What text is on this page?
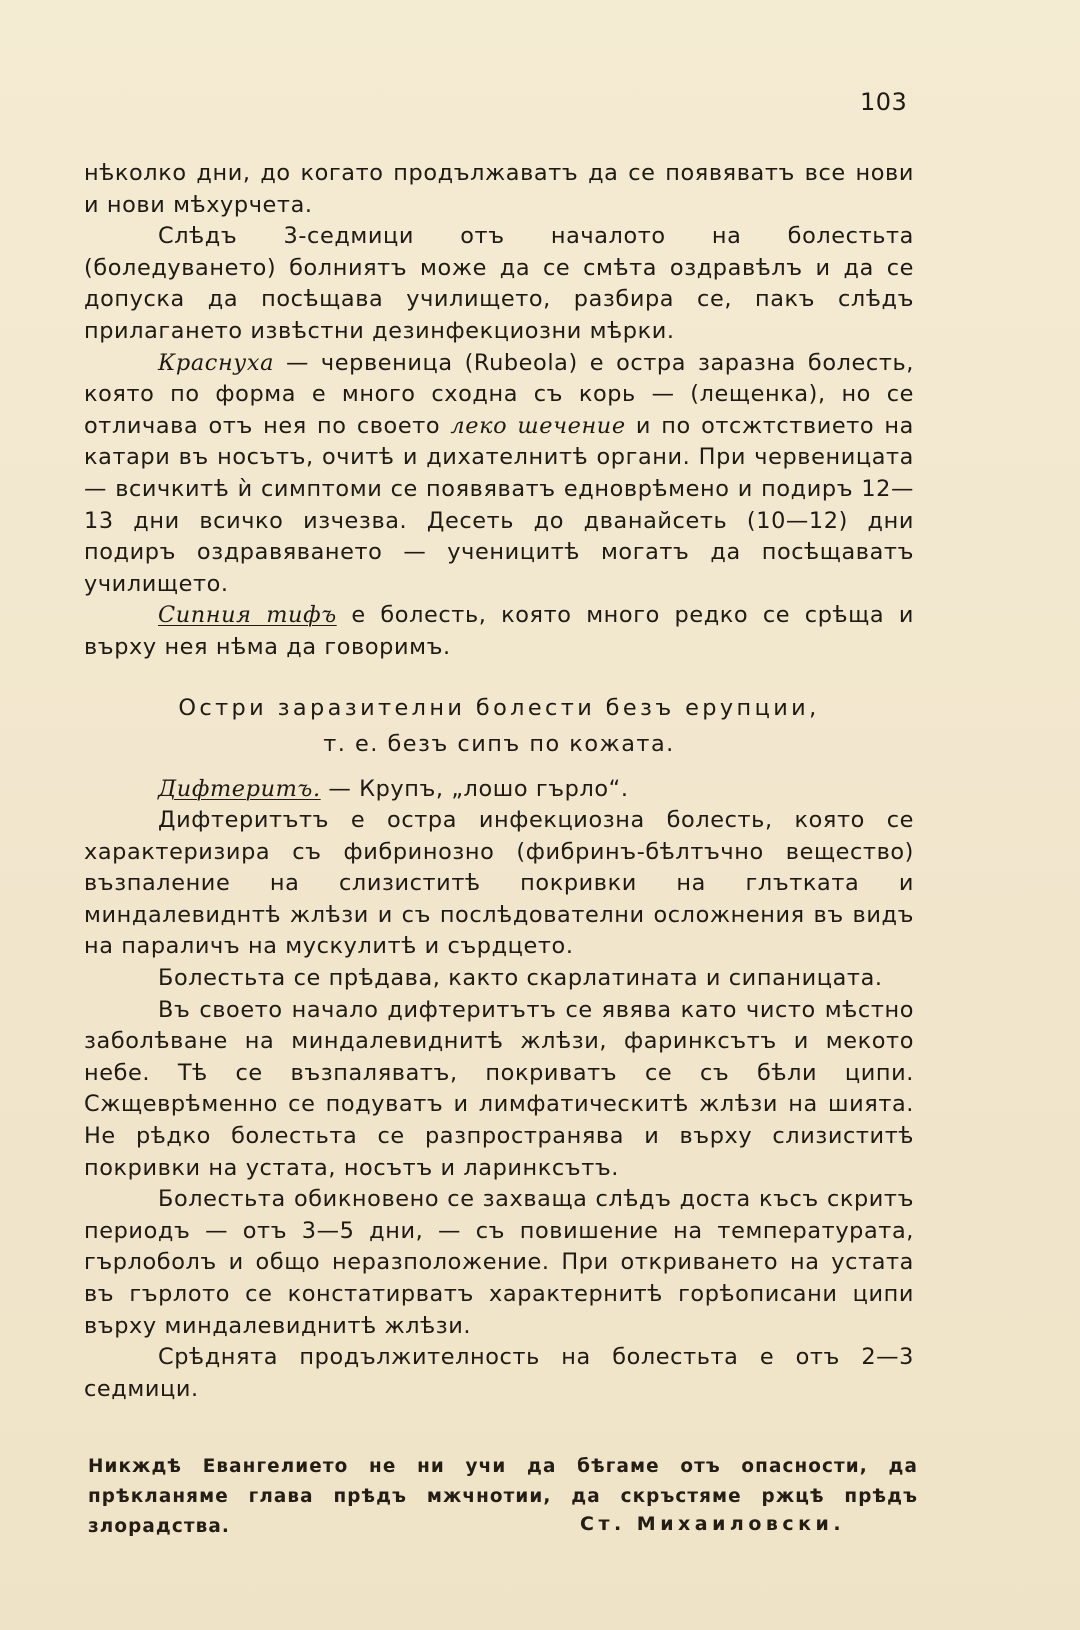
103

нѣколко дни, до когато продължаватъ да се появяватъ все нови и нови мѣхурчета.

Слѣдъ 3-седмици отъ началото на болестьта (боледуването) болниятъ може да се смѣта оздравѣлъ и да се допуска да посѣщава училището, разбира се, пакъ слѣдъ прилагането извѣстни дезинфекциозни мѣрки.

Краснуха — червеница (Rubeola) е остра заразна болесть, която по форма е много сходна съ корь — (лещенка), но се отличава отъ нея по своето леко шечение и по отсжтствието на катари въ носътъ, очитѣ и дихателнитѣ органи. При червеницата — всичкитѣ ѝ симптоми се появяватъ едноврѣмено и подиръ 12—13 дни всичко изчезва. Десеть до дванайсеть (10—12) дни подиръ оздравяването — ученицитѣ могатъ да посѣщаватъ училището.

Сипния тифъ е болесть, която много редко се срѣща и върху нея нѣма да говоримъ.

Остри заразителни болести безъ ерупции,
т. е. безъ сипъ по кожата.

Дифтеритъ. — Крупъ, „лошо гърло“.

Дифтеритътъ е остра инфекциозна болесть, която се характеризира съ фибринозно (фибринъ-бѣлтъчно вещество) възпаление на слизиститѣ покривки на глътката и миндалевиднтѣ жлѣзи и съ послѣдователни осложнения въ видъ на параличъ на мускулитѣ и сърдцето.

Болестьта се прѣдава, както скарлатината и сипаницата.

Въ своето начало дифтеритътъ се явява като чисто мѣстно заболѣване на миндалевиднитѣ жлѣзи, фаринксътъ и мекото небе. Тѣ се възпаляватъ, покриватъ се съ бѣли ципи. Сжщеврѣменно се подуватъ и лимфатическитѣ жлѣзи на шията. Не рѣдко болестьта се разпространява и върху слизиститѣ покривки на устата, носътъ и ларинксътъ.

Болестьта обикновено се захваща слѣдъ доста късъ скритъ периодъ — отъ 3—5 дни, — съ повишение на температурата, гърлоболъ и общо неразположение. При откриването на устата въ гърлото се констатирватъ характернитѣ горѣописани ципи върху миндалевиднитѣ жлѣзи.

Срѣднята продължителность на болестьта е отъ 2—3 седмици.

Никждѣ Евангелието не ни учи да бѣгаме отъ опасности, да прѣкланяме глава прѣдъ мжчнотии, да скръстяме ржцѣ прѣдъ злорадства.	Ст. Михаиловски.
